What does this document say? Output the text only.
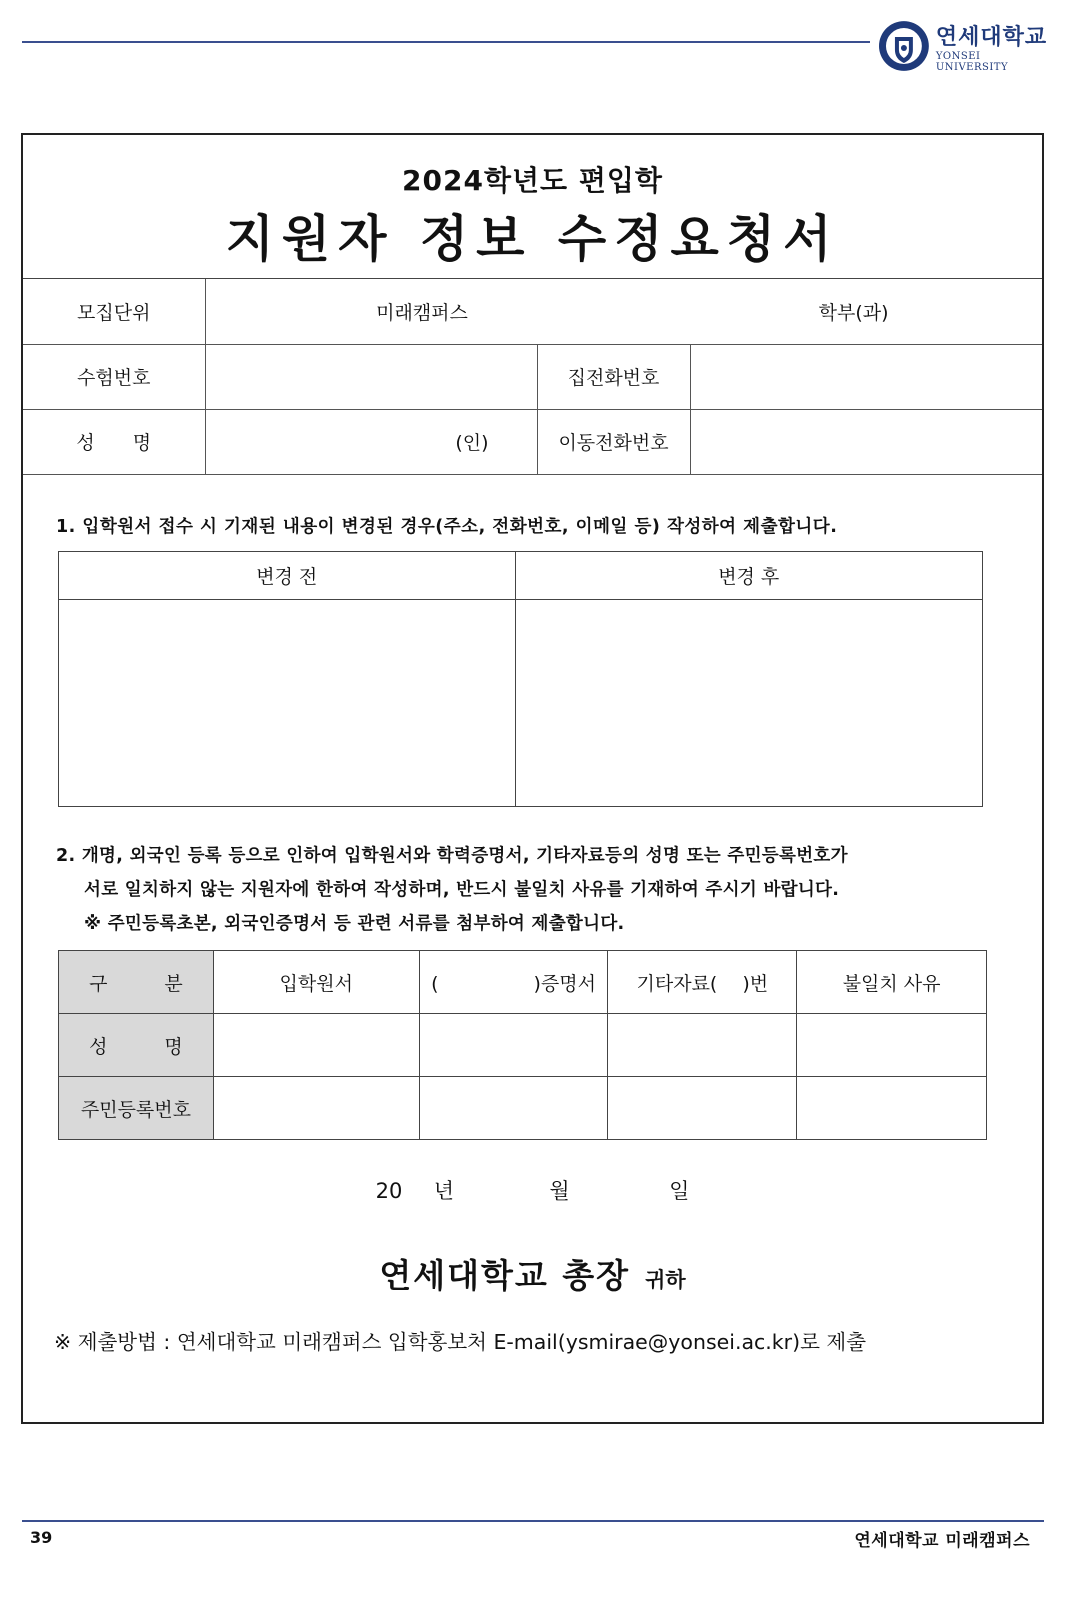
연세대학교
YONSEI UNIVERSITY
2024학년도 편입학
지원자 정보 수정요청서
모집단위	미래캠퍼스 학부(과)		
수험번호		집전화번호	
성　　명	(인)	이동전화번호	
1. 입학원서 접수 시 기재된 내용이 변경된 경우(주소, 전화번호, 이메일 등) 작성하여 제출합니다.
변경 전	변경 후

2. 개명, 외국인 등록 등으로 인하여 입학원서와 학력증명서, 기타자료등의 성명 또는 주민등록번호가
서로 일치하지 않는 지원자에 한하여 작성하며, 반드시 불일치 사유를 기재하여 주시기 바랍니다.
※ 주민등록초본, 외국인증명서 등 관련 서류를 첨부하여 제출합니다.
구　　　분	입학원서	(　　　　　)증명서	기타자료(　 )번	불일치 사유
성　　　명				
주민등록번호				
20 년	월	일
연세대학교 총장 귀하
※ 제출방법 : 연세대학교 미래캠퍼스 입학홍보처 E-mail(ysmirae@yonsei.ac.kr)로 제출
39	연세대학교 미래캠퍼스
